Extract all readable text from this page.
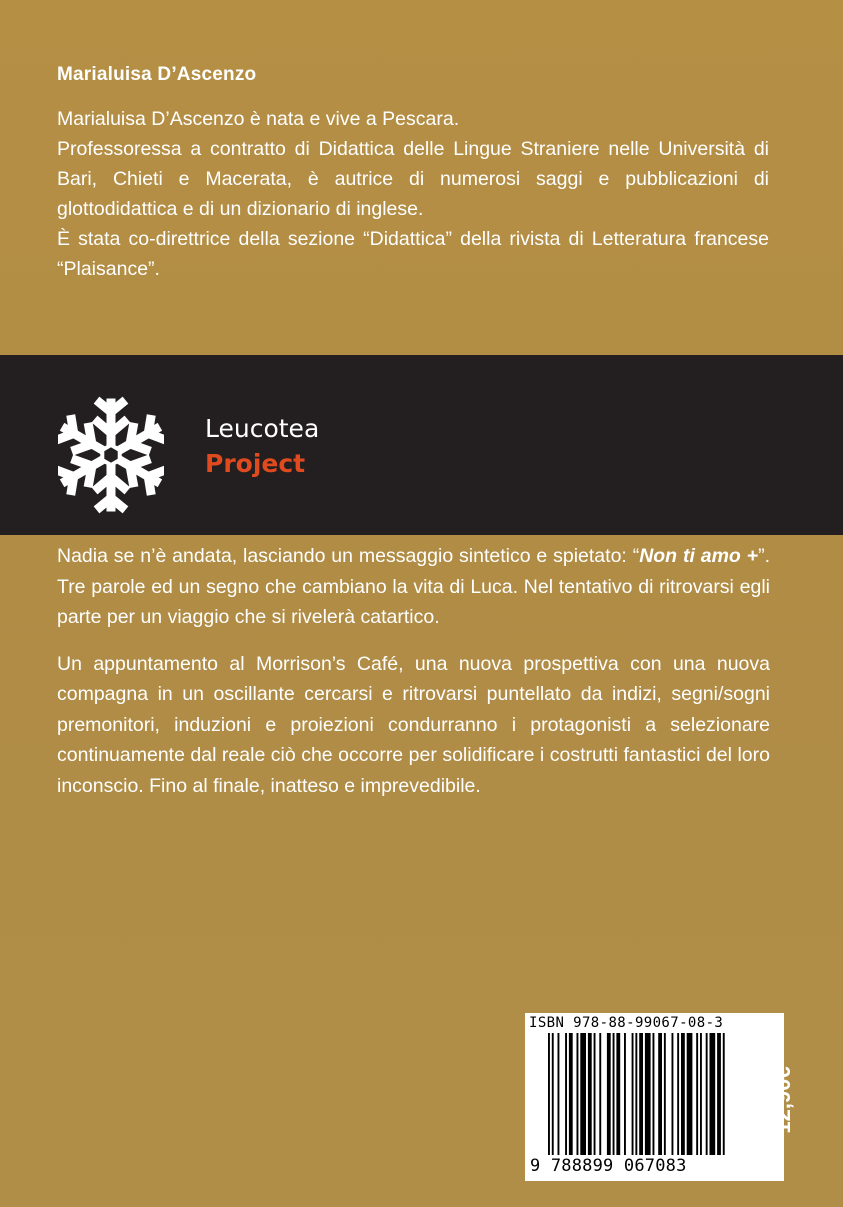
Marialuisa D’Ascenzo

Marialuisa D’Ascenzo è nata e vive a Pescara.

Professoressa a contratto di Didattica delle Lingue Straniere nelle Università di Bari, Chieti e Macerata, è autrice di numerosi saggi e pubblicazioni di glottodidattica e di un dizionario di inglese.

È stata co-direttrice della sezione “Didattica” della rivista di Letteratura francese “Plaisance”.

Leucotea
Project

Nadia se n’è andata, lasciando un messaggio sintetico e spietato: “Non ti amo +”. Tre parole ed un segno che cambiano la vita di Luca. Nel tentativo di ritrovarsi egli parte per un viaggio che si rivelerà catartico.

Un appuntamento al Morrison’s Café, una nuova prospettiva con una nuova compagna in un oscillante cercarsi e ritrovarsi puntellato da indizi, segni/sogni premonitori, induzioni e proiezioni condurranno i protagonisti a selezionare continuamente dal reale ciò che occorre per solidificare i costrutti fantastici del loro inconscio. Fino al finale, inatteso e imprevedibile.

ISBN 978-88-99067-08-3
9 788899 067083
12,90€
